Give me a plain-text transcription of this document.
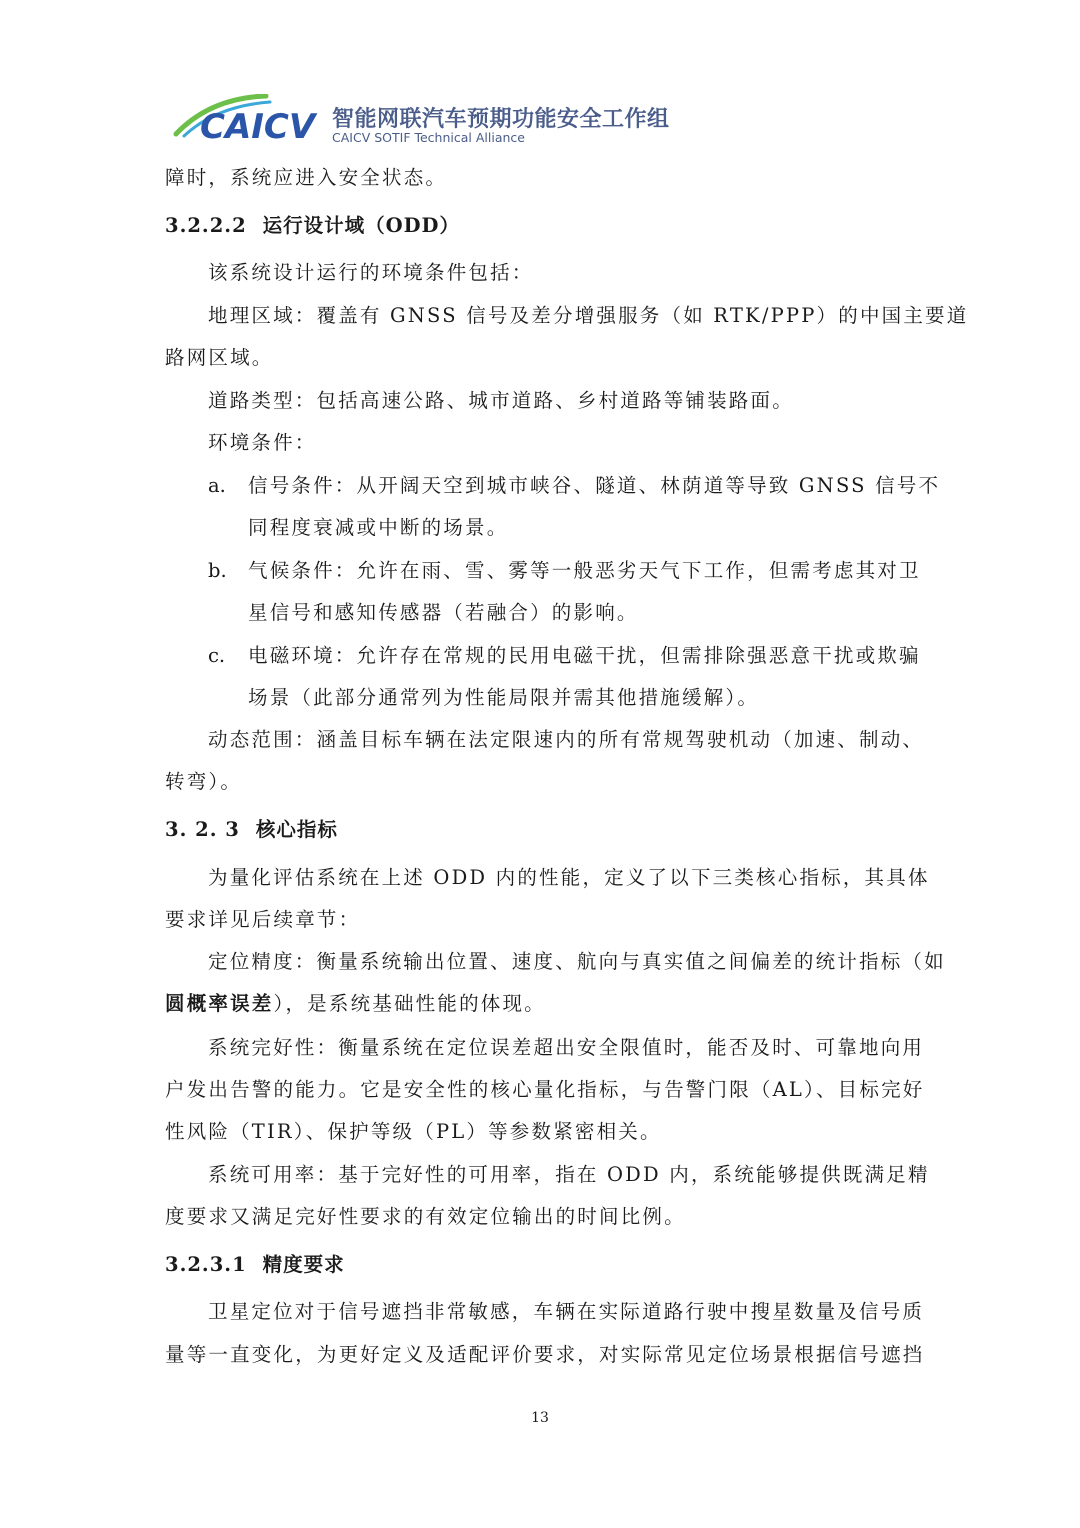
CAICV 智能网联汽车预期功能安全工作组
CAICV SOTIF Technical Alliance
障时，系统应进入安全状态。
3.2.2.2 运行设计域（ODD）
该系统设计运行的环境条件包括：
地理区域：覆盖有 GNSS 信号及差分增强服务（如 RTK/PPP）的中国主要道
路网区域。
道路类型：包括高速公路、城市道路、乡村道路等铺装路面。
环境条件：
a. 信号条件：从开阔天空到城市峡谷、隧道、林荫道等导致 GNSS 信号不
同程度衰减或中断的场景。
b. 气候条件：允许在雨、雪、雾等一般恶劣天气下工作，但需考虑其对卫
星信号和感知传感器（若融合）的影响。
c. 电磁环境：允许存在常规的民用电磁干扰，但需排除强恶意干扰或欺骗
场景（此部分通常列为性能局限并需其他措施缓解）。
动态范围：涵盖目标车辆在法定限速内的所有常规驾驶机动（加速、制动、
转弯）。
3. 2. 3 核心指标
为量化评估系统在上述 ODD 内的性能，定义了以下三类核心指标，其具体
要求详见后续章节：
定位精度：衡量系统输出位置、速度、航向与真实值之间偏差的统计指标（如
圆概率误差），是系统基础性能的体现。
系统完好性：衡量系统在定位误差超出安全限值时，能否及时、可靠地向用
户发出告警的能力。它是安全性的核心量化指标，与告警门限（AL）、目标完好
性风险（TIR）、保护等级（PL）等参数紧密相关。
系统可用率：基于完好性的可用率，指在 ODD 内，系统能够提供既满足精
度要求又满足完好性要求的有效定位输出的时间比例。
3.2.3.1 精度要求
卫星定位对于信号遮挡非常敏感，车辆在实际道路行驶中搜星数量及信号质
量等一直变化，为更好定义及适配评价要求，对实际常见定位场景根据信号遮挡
13
